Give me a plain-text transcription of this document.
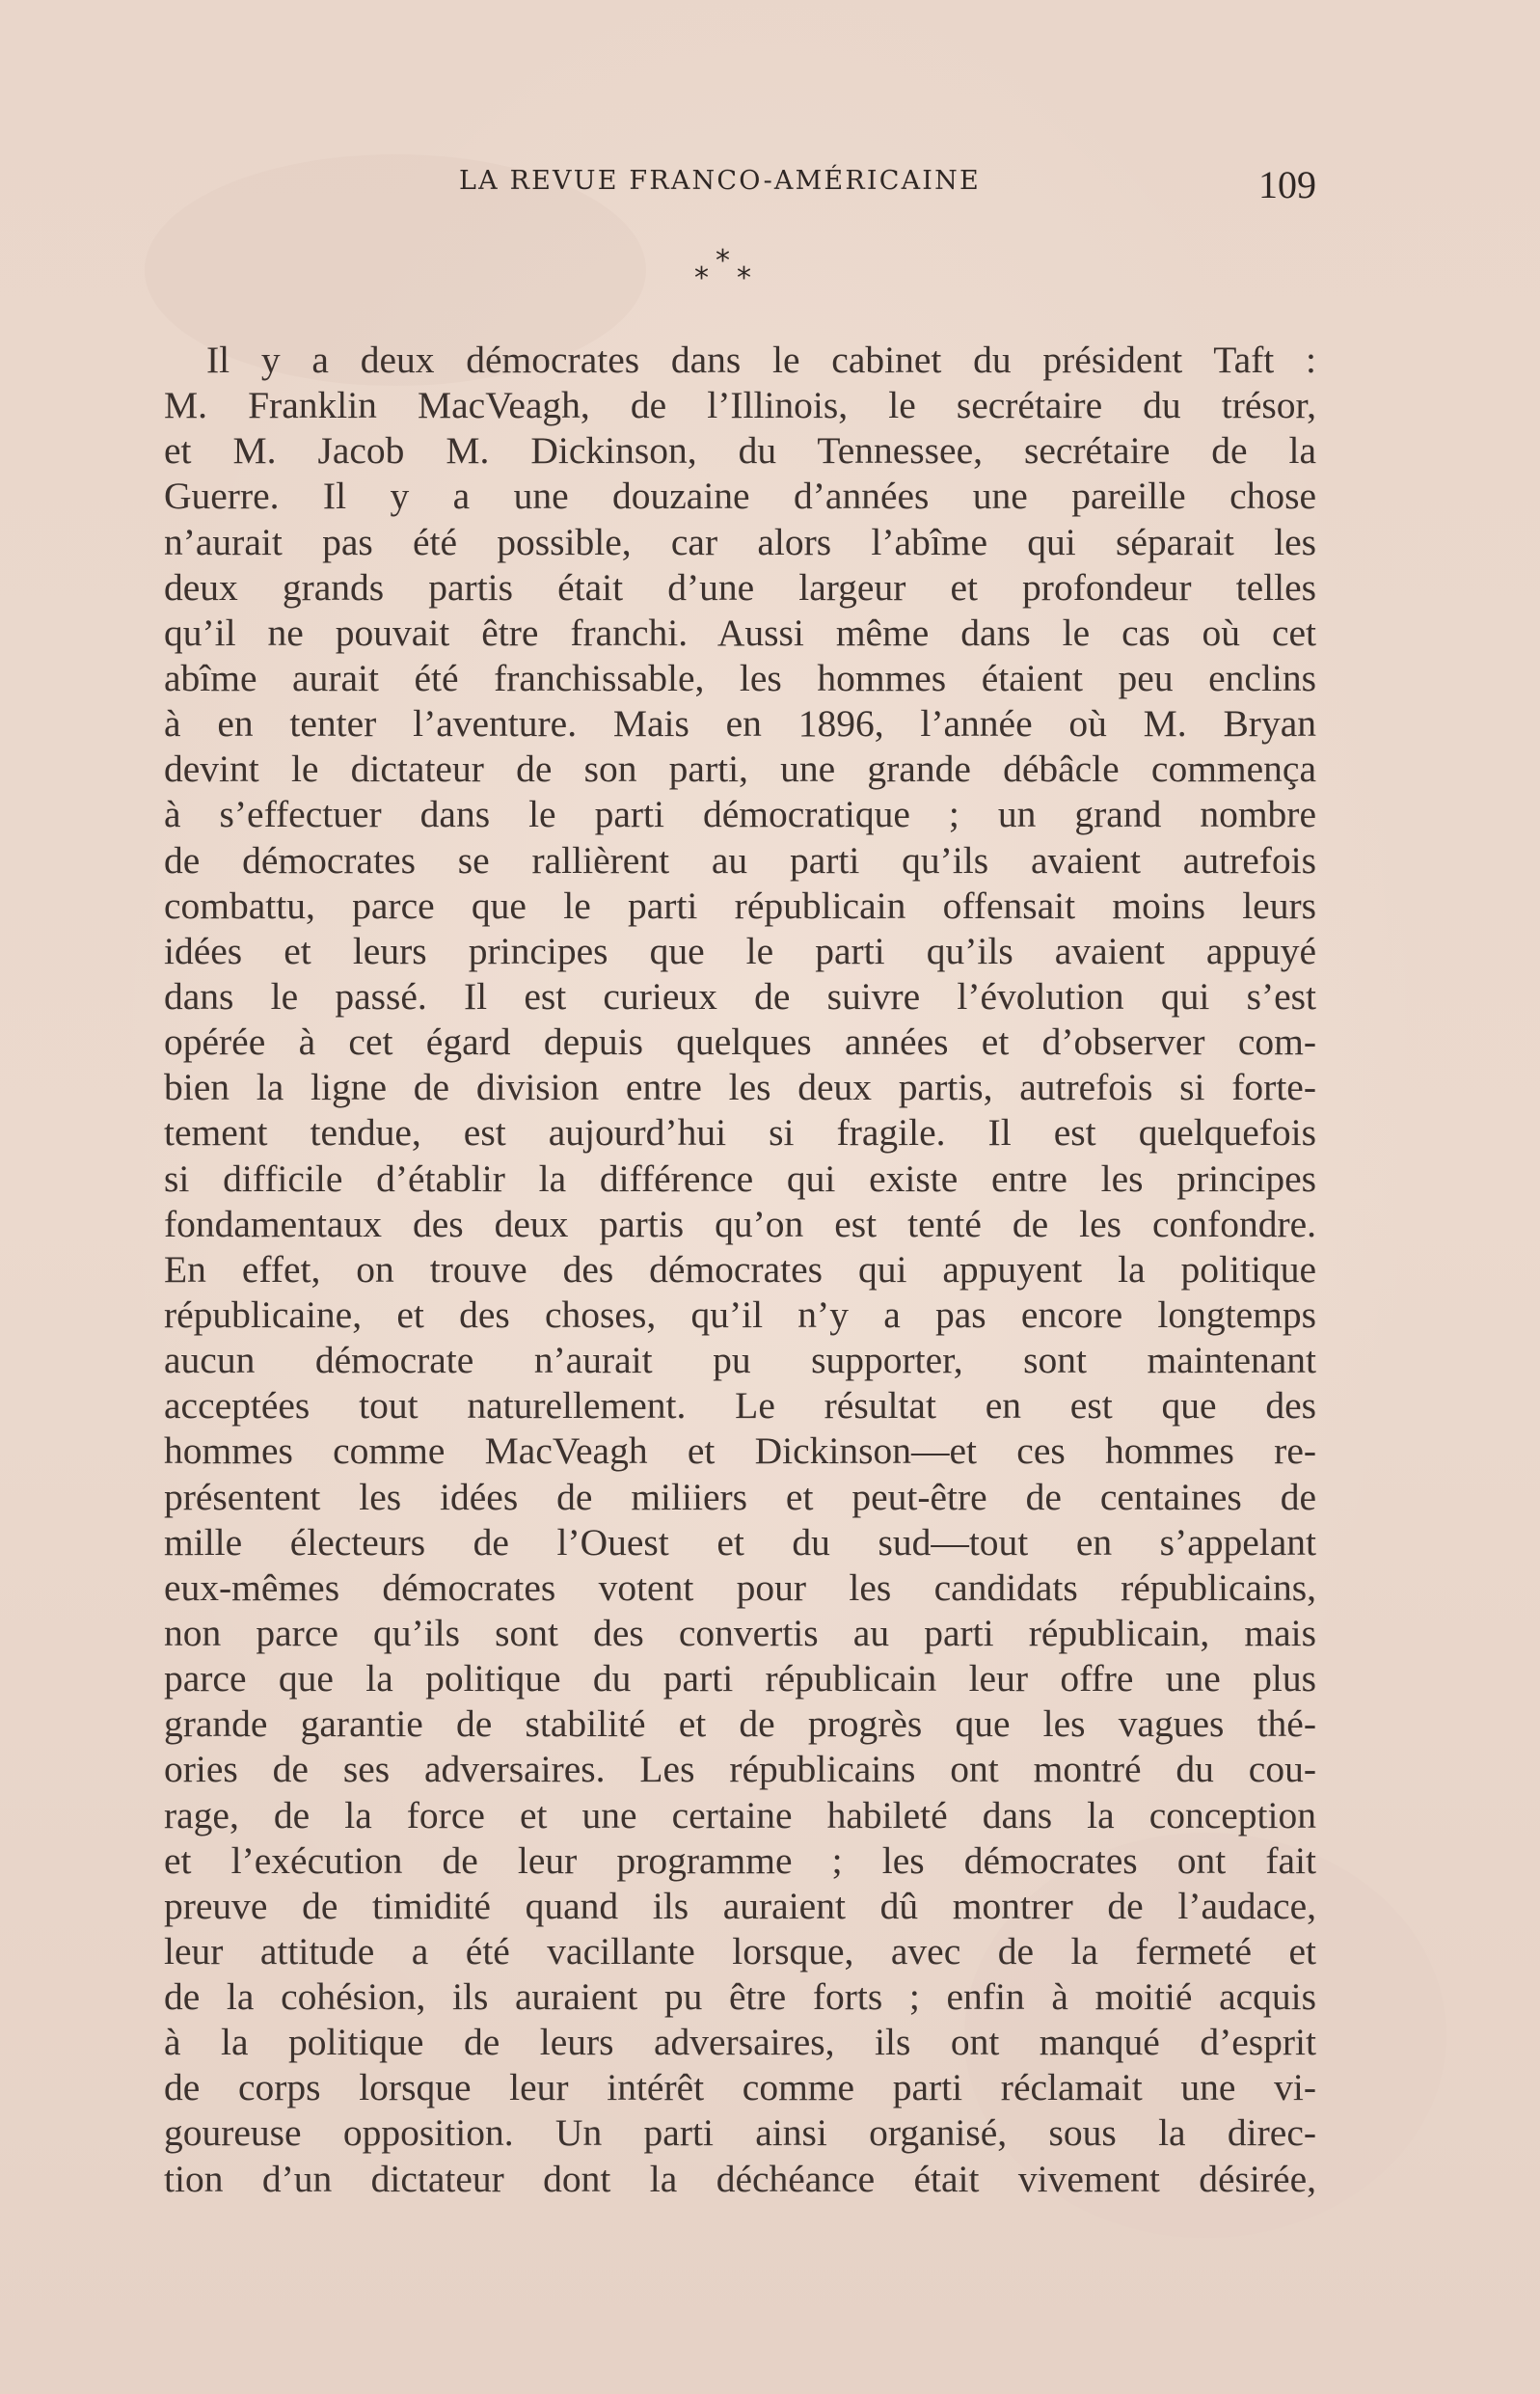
LA REVUE FRANCO-AMÉRICAINE	109
*
*
*
Il y a deux démocrates dans le cabinet du président Taft :
M. Franklin MacVeagh, de l’Illinois, le secrétaire du trésor,
et M. Jacob M. Dickinson, du Tennessee, secrétaire de la
Guerre. Il y a une douzaine d’années une pareille chose
n’aurait pas été possible, car alors l’abîme qui séparait les
deux grands partis était d’une largeur et profondeur telles
qu’il ne pouvait être franchi. Aussi même dans le cas où cet
abîme aurait été franchissable, les hommes étaient peu enclins
à en tenter l’aventure. Mais en 1896, l’année où M. Bryan
devint le dictateur de son parti, une grande débâcle commença
à s’effectuer dans le parti démocratique ; un grand nombre
de démocrates se rallièrent au parti qu’ils avaient autrefois
combattu, parce que le parti républicain offensait moins leurs
idées et leurs principes que le parti qu’ils avaient appuyé
dans le passé. Il est curieux de suivre l’évolution qui s’est
opérée à cet égard depuis quelques années et d’observer com-
bien la ligne de division entre les deux partis, autrefois si forte-
tement tendue, est aujourd’hui si fragile. Il est quelquefois
si difficile d’établir la différence qui existe entre les principes
fondamentaux des deux partis qu’on est tenté de les confondre.
En effet, on trouve des démocrates qui appuyent la politique
républicaine, et des choses, qu’il n’y a pas encore longtemps
aucun démocrate n’aurait pu supporter, sont maintenant
acceptées tout naturellement. Le résultat en est que des
hommes comme MacVeagh et Dickinson—et ces hommes re-
présentent les idées de miliiers et peut-être de centaines de
mille électeurs de l’Ouest et du sud—tout en s’appelant
eux-mêmes démocrates votent pour les candidats républicains,
non parce qu’ils sont des convertis au parti républicain, mais
parce que la politique du parti républicain leur offre une plus
grande garantie de stabilité et de progrès que les vagues thé-
ories de ses adversaires. Les républicains ont montré du cou-
rage, de la force et une certaine habileté dans la conception
et l’exécution de leur programme ; les démocrates ont fait
preuve de timidité quand ils auraient dû montrer de l’audace,
leur attitude a été vacillante lorsque, avec de la fermeté et
de la cohésion, ils auraient pu être forts ; enfin à moitié acquis
à la politique de leurs adversaires, ils ont manqué d’esprit
de corps lorsque leur intérêt comme parti réclamait une vi-
goureuse opposition. Un parti ainsi organisé, sous la direc-
tion d’un dictateur dont la déchéance était vivement désirée,
